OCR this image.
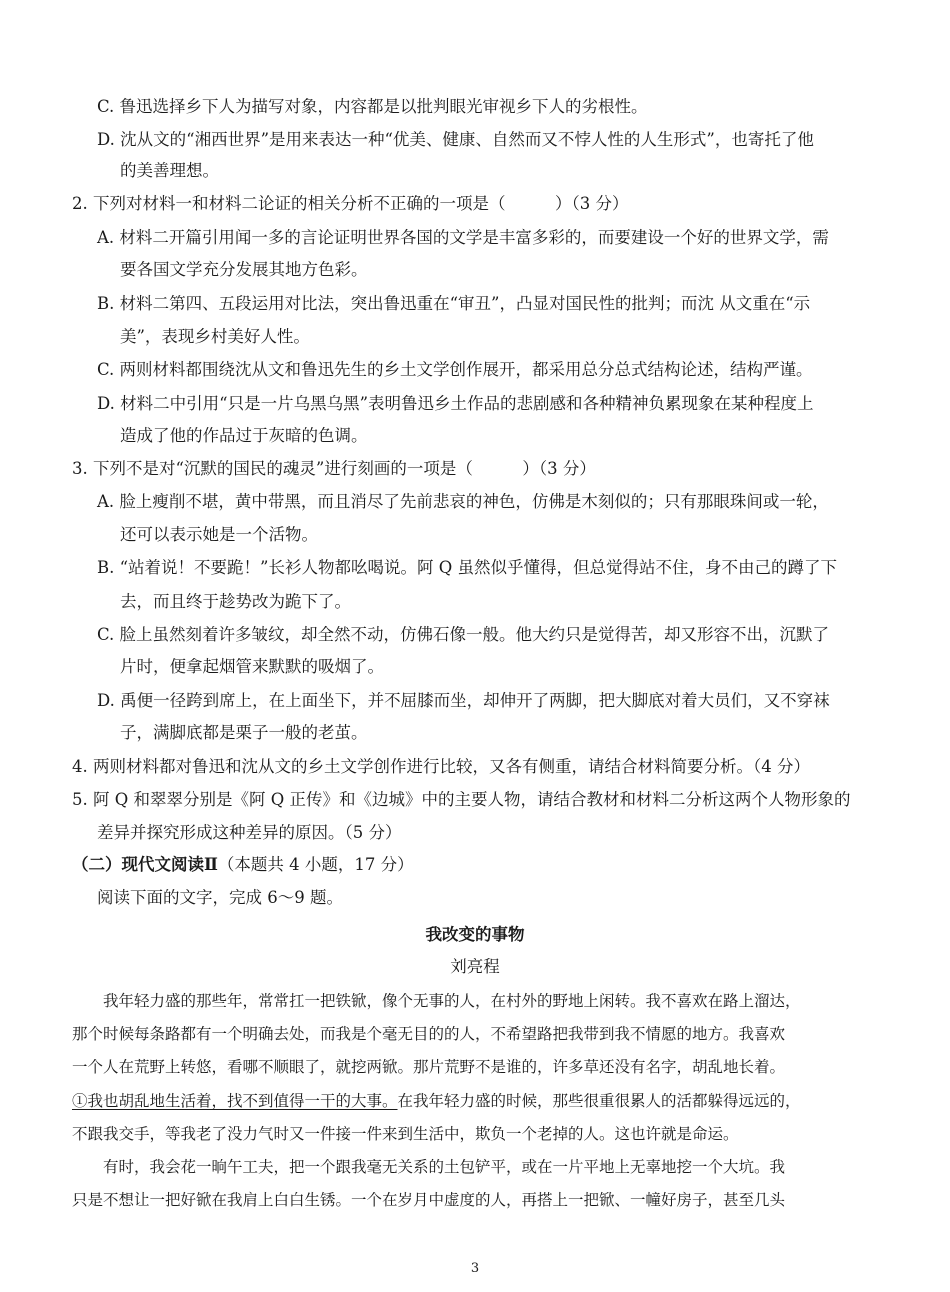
C. 鲁迅选择乡下人为描写对象，内容都是以批判眼光审视乡下人的劣根性。
D. 沈从文的“湘西世界”是用来表达一种“优美、健康、自然而又不悖人性的人生形式”，也寄托了他
的美善理想。
2. 下列对材料一和材料二论证的相关分析不正确的一项是（　　　）（3 分）
A. 材料二开篇引用闻一多的言论证明世界各国的文学是丰富多彩的，而要建设一个好的世界文学，需
要各国文学充分发展其地方色彩。
B. 材料二第四、五段运用对比法，突出鲁迅重在“审丑”，凸显对国民性的批判；而沈 从文重在“示
美”，表现乡村美好人性。
C. 两则材料都围绕沈从文和鲁迅先生的乡土文学创作展开，都采用总分总式结构论述，结构严谨。
D. 材料二中引用“只是一片乌黑乌黑”表明鲁迅乡土作品的悲剧感和各种精神负累现象在某种程度上
造成了他的作品过于灰暗的色调。
3. 下列不是对“沉默的国民的魂灵”进行刻画的一项是（　　　）（3 分）
A. 脸上瘦削不堪，黄中带黑，而且消尽了先前悲哀的神色，仿佛是木刻似的；只有那眼珠间或一轮，
还可以表示她是一个活物。
B. “站着说！不要跪！”长衫人物都吆喝说。阿 Q 虽然似乎懂得，但总觉得站不住，身不由己的蹲了下
去，而且终于趁势改为跪下了。
C. 脸上虽然刻着许多皱纹，却全然不动，仿佛石像一般。他大约只是觉得苦，却又形容不出，沉默了
片时，便拿起烟管来默默的吸烟了。
D. 禹便一径跨到席上，在上面坐下，并不屈膝而坐，却伸开了两脚，把大脚底对着大员们，又不穿袜
子，满脚底都是栗子一般的老茧。
4. 两则材料都对鲁迅和沈从文的乡土文学创作进行比较，又各有侧重，请结合材料简要分析。（4 分）
5. 阿 Q 和翠翠分别是《阿 Q 正传》和《边城》中的主要人物，请结合教材和材料二分析这两个人物形象的
差异并探究形成这种差异的原因。（5 分）
（二）现代文阅读Ⅱ（本题共 4 小题，17 分）
阅读下面的文字，完成 6～9 题。
我改变的事物
刘亮程
我年轻力盛的那些年，常常扛一把铁锨，像个无事的人，在村外的野地上闲转。我不喜欢在路上溜达，
那个时候每条路都有一个明确去处，而我是个毫无目的的人，不希望路把我带到我不情愿的地方。我喜欢
一个人在荒野上转悠，看哪不顺眼了，就挖两锨。那片荒野不是谁的，许多草还没有名字，胡乱地长着。
①我也胡乱地生活着，找不到值得一干的大事。在我年轻力盛的时候，那些很重很累人的活都躲得远远的，
不跟我交手，等我老了没力气时又一件接一件来到生活中，欺负一个老掉的人。这也许就是命运。
有时，我会花一晌午工夫，把一个跟我毫无关系的土包铲平，或在一片平地上无辜地挖一个大坑。我
只是不想让一把好锨在我肩上白白生锈。一个在岁月中虚度的人，再搭上一把锨、一幢好房子，甚至几头
3
